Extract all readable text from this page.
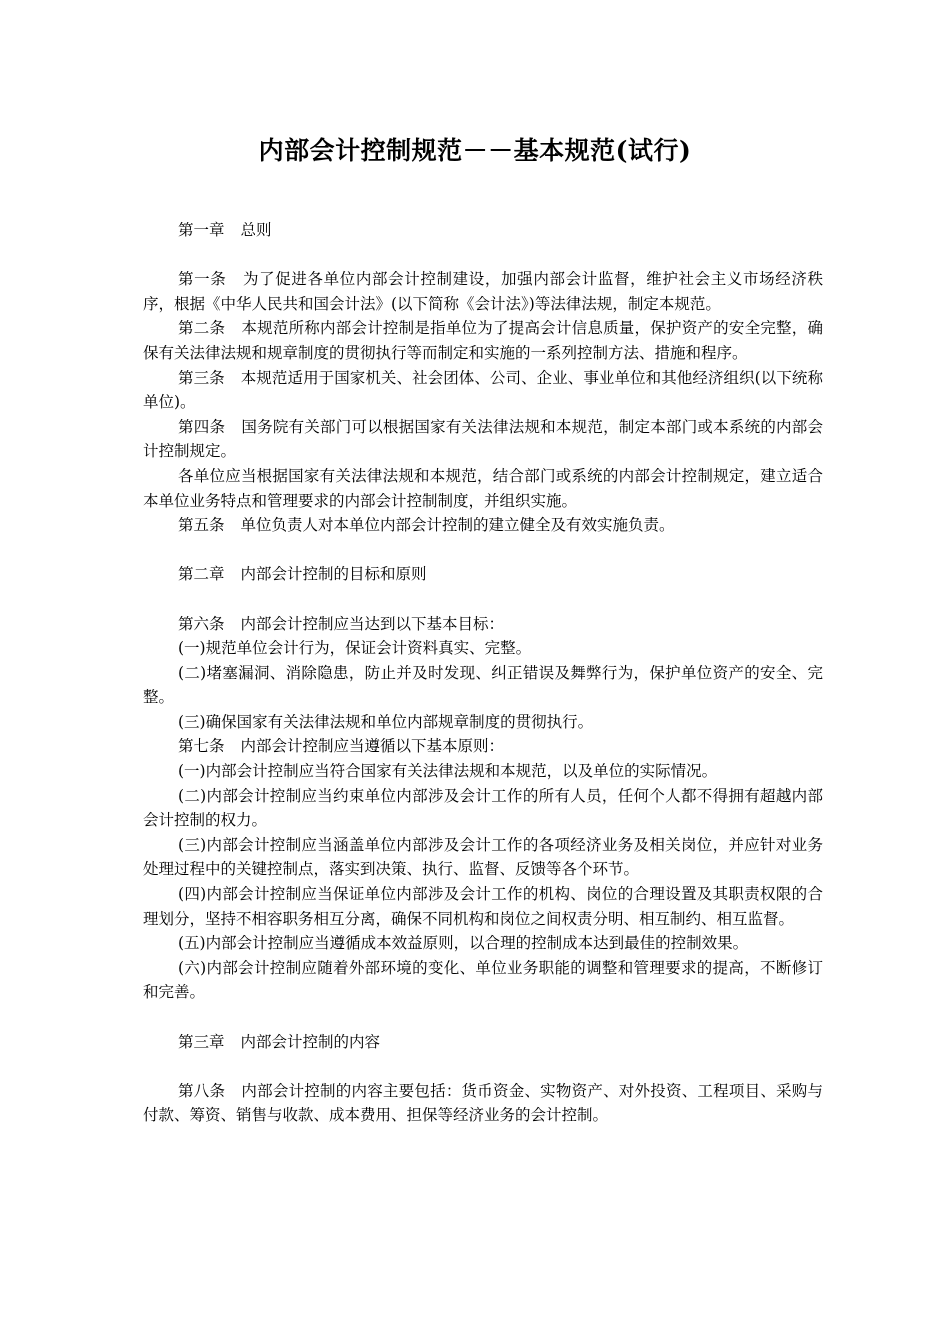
内部会计控制规范－－基本规范(试行)

第一章 总则

第一条 为了促进各单位内部会计控制建设，加强内部会计监督，维护社会主义市场经济秩序，根据《中华人民共和国会计法》(以下简称《会计法》)等法律法规，制定本规范。

第二条 本规范所称内部会计控制是指单位为了提高会计信息质量，保护资产的安全完整，确保有关法律法规和规章制度的贯彻执行等而制定和实施的一系列控制方法、措施和程序。

第三条 本规范适用于国家机关、社会团体、公司、企业、事业单位和其他经济组织(以下统称单位)。

第四条 国务院有关部门可以根据国家有关法律法规和本规范，制定本部门或本系统的内部会计控制规定。

各单位应当根据国家有关法律法规和本规范，结合部门或系统的内部会计控制规定，建立适合本单位业务特点和管理要求的内部会计控制制度，并组织实施。

第五条 单位负责人对本单位内部会计控制的建立健全及有效实施负责。

第二章 内部会计控制的目标和原则

第六条 内部会计控制应当达到以下基本目标：

(一)规范单位会计行为，保证会计资料真实、完整。

(二)堵塞漏洞、消除隐患，防止并及时发现、纠正错误及舞弊行为，保护单位资产的安全、完整。

(三)确保国家有关法律法规和单位内部规章制度的贯彻执行。

第七条 内部会计控制应当遵循以下基本原则：

(一)内部会计控制应当符合国家有关法律法规和本规范，以及单位的实际情况。

(二)内部会计控制应当约束单位内部涉及会计工作的所有人员，任何个人都不得拥有超越内部会计控制的权力。

(三)内部会计控制应当涵盖单位内部涉及会计工作的各项经济业务及相关岗位，并应针对业务处理过程中的关键控制点，落实到决策、执行、监督、反馈等各个环节。

(四)内部会计控制应当保证单位内部涉及会计工作的机构、岗位的合理设置及其职责权限的合理划分，坚持不相容职务相互分离，确保不同机构和岗位之间权责分明、相互制约、相互监督。

(五)内部会计控制应当遵循成本效益原则，以合理的控制成本达到最佳的控制效果。

(六)内部会计控制应随着外部环境的变化、单位业务职能的调整和管理要求的提高，不断修订和完善。

第三章 内部会计控制的内容

第八条 内部会计控制的内容主要包括：货币资金、实物资产、对外投资、工程项目、采购与付款、筹资、销售与收款、成本费用、担保等经济业务的会计控制。
